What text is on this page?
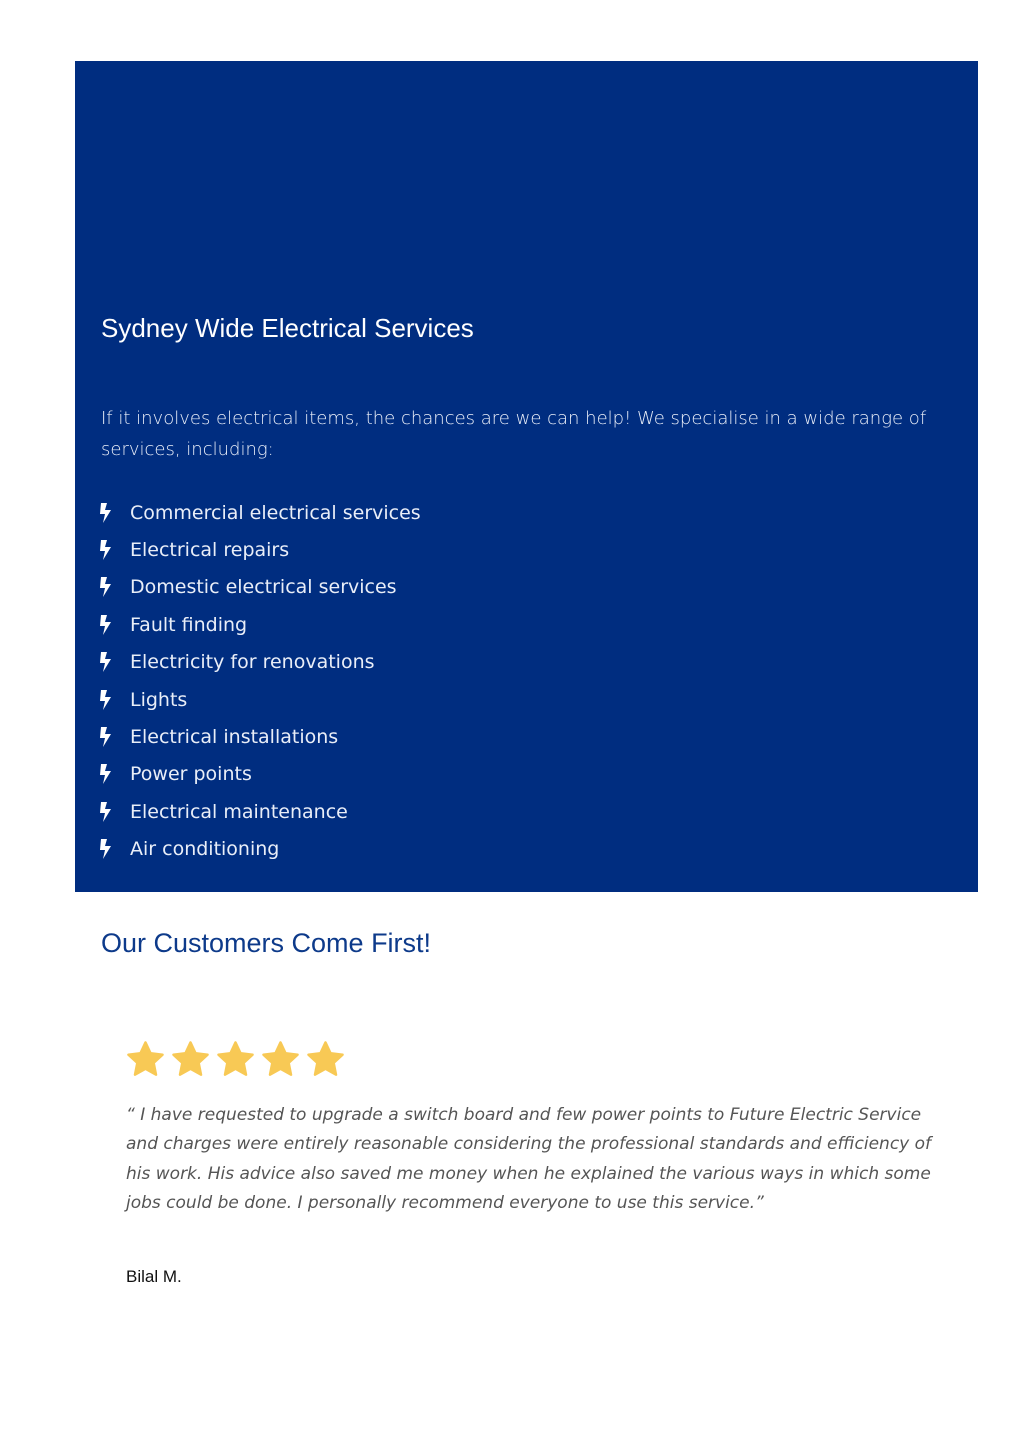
Sydney Wide Electrical Services

If it involves electrical items, the chances are we can help! We specialise in a wide range of services, including:

Commercial electrical services
Electrical repairs
Domestic electrical services
Fault finding
Electricity for renovations
Lights
Electrical installations
Power points
Electrical maintenance
Air conditioning
Our Customers Come First!

“ I have requested to upgrade a switch board and few power points to Future Electric Service and charges were entirely reasonable considering the professional standards and efficiency of his work. His advice also saved me money when he explained the various ways in which some jobs could be done. I personally recommend everyone to use this service.”

Bilal M.
